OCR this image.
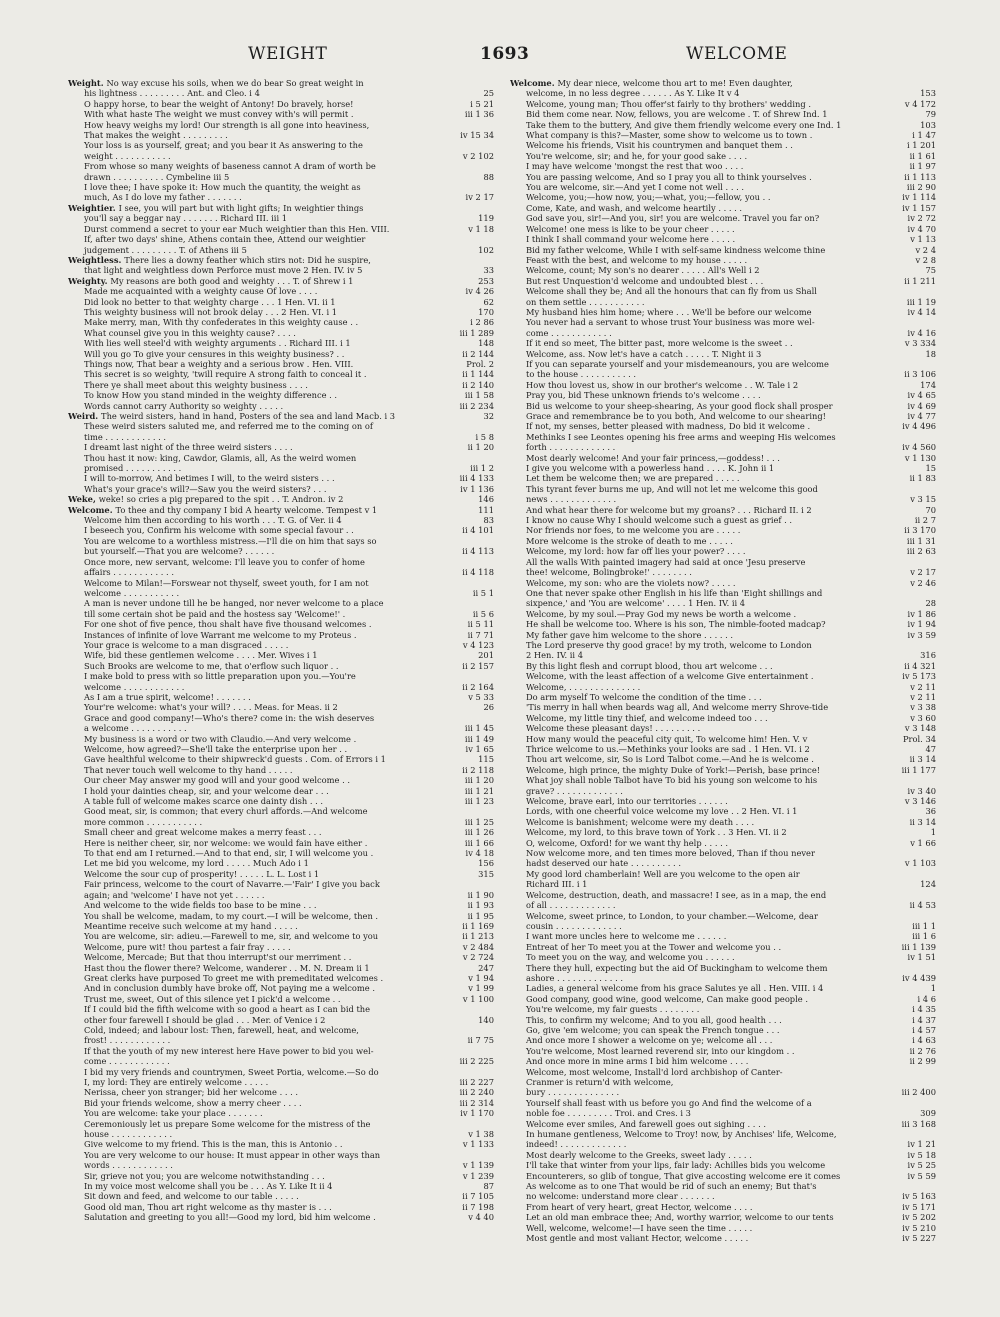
WEIGHT	1693	WELCOME
Weight. No way excuse his soils, when we do bear So great weight in
his lightness . . . . . . . . . Ant. and Cleo. i 4	25
O happy horse, to bear the weight of Antony! Do bravely, horse!	i 5 21
With what haste The weight we must convey with's will permit .	iii 1 36
How heavy weighs my lord! Our strength is all gone into heaviness,
That makes the weight . . . . . . . . .	iv 15 34
Your loss is as yourself, great; and you bear it As answering to the
weight . . . . . . . . . . .	v 2 102
From whose so many weights of baseness cannot A dram of worth be
drawn . . . . . . . . . . Cymbeline iii 5	88
I love thee; I have spoke it: How much the quantity, the weight as
much, As I do love my father . . . . . . .	iv 2 17
Weightier. I see, you will part but with light gifts; In weightier things
you'll say a beggar nay . . . . . . . Richard III. iii 1	119
Durst commend a secret to your ear Much weightier than this Hen. VIII.	v 1 18
If, after two days' shine, Athens contain thee, Attend our weightier
judgement . . . . . . . . . T. of Athens iii 5	102
Weightless. There lies a downy feather which stirs not: Did he suspire,
that light and weightless down Perforce must move 2 Hen. IV. iv 5	33
Weighty. My reasons are both good and weighty . . . T. of Shrew i 1	253
Made me acquainted with a weighty cause Of love . . . .	iv 4 26
Did look no better to that weighty charge . . . 1 Hen. VI. ii 1	62
This weighty business will not brook delay . . . 2 Hen. VI. i 1	170
Make merry, man, With thy confederates in this weighty cause . .	i 2 86
What counsel give you in this weighty cause? . . . .	iii 1 289
With lies well steel'd with weighty arguments . . Richard III. i 1	148
Will you go To give your censures in this weighty business? . .	ii 2 144
Things now, That bear a weighty and a serious brow . Hen. VIII.	Prol. 2
This secret is so weighty, 'twill require A strong faith to conceal it .	ii 1 144
There ye shall meet about this weighty business . . . .	ii 2 140
To know How you stand minded in the weighty difference . .	iii 1 58
Words cannot carry Authority so weighty . . . . .	iii 2 234
Weird. The weird sisters, hand in hand, Posters of the sea and land Macb. i 3	32
These weird sisters saluted me, and referred me to the coming on of
time . . . . . . . . . . . .	i 5 8
I dreamt last night of the three weird sisters . . . .	ii 1 20
Thou hast it now: king, Cawdor, Glamis, all, As the weird women
promised . . . . . . . . . . .	iii 1 2
I will to-morrow, And betimes I will, to the weird sisters . . .	iii 4 133
What's your grace's will?—Saw you the weird sisters? . . .	iv 1 136
Weke, weke! so cries a pig prepared to the spit . . T. Andron. iv 2	146
Welcome. To thee and thy company I bid A hearty welcome. Tempest v 1	111
Welcome him then according to his worth . . . T. G. of Ver. ii 4	83
I beseech you, Confirm his welcome with some special favour . .	ii 4 101
You are welcome to a worthless mistress.—I'll die on him that says so
but yourself.—That you are welcome? . . . . . .	ii 4 113
Once more, new servant, welcome: I'll leave you to confer of home
affairs . . . . . . . . . . . .	ii 4 118
Welcome to Milan!—Forswear not thyself, sweet youth, for I am not
welcome . . . . . . . . . . .	ii 5 1
A man is never undone till he be hanged, nor never welcome to a place
till some certain shot be paid and the hostess say 'Welcome!' .	ii 5 6
For one shot of five pence, thou shalt have five thousand welcomes .	ii 5 11
Instances of infinite of love Warrant me welcome to my Proteus .	ii 7 71
Your grace is welcome to a man disgraced . . . . .	v 4 123
Wife, bid these gentlemen welcome . . . . Mer. Wives i 1	201
Such Brooks are welcome to me, that o'erflow such liquor . .	ii 2 157
I make bold to press with so little preparation upon you.—You're
welcome . . . . . . . . . . . .	ii 2 164
As I am a true spirit, welcome! . . . . . . .	v 5 33
Your're welcome: what's your will? . . . . Meas. for Meas. ii 2	26
Grace and good company!—Who's there? come in: the wish deserves
a welcome . . . . . . . . . . .	iii 1 45
My business is a word or two with Claudio.—And very welcome .	iii 1 49
Welcome, how agreed?—She'll take the enterprise upon her . .	iv 1 65
Gave healthful welcome to their shipwreck'd guests . Com. of Errors i 1	115
That never touch well welcome to thy hand . . . . .	ii 2 118
Our cheer May answer my good will and your good welcome . .	iii 1 20
I hold your dainties cheap, sir, and your welcome dear . . .	iii 1 21
A table full of welcome makes scarce one dainty dish . . .	iii 1 23
Good meat, sir, is common; that every churl affords.—And welcome
more common . . . . . . . . . . .	iii 1 25
Small cheer and great welcome makes a merry feast . . .	iii 1 26
Here is neither cheer, sir, nor welcome: we would fain have either .	iii 1 66
To that end am I returned.—And to that end, sir, I will welcome you .	iv 4 18
Let me bid you welcome, my lord . . . . . Much Ado i 1	156
Welcome the sour cup of prosperity! . . . . . L. L. Lost i 1	315
Fair princess, welcome to the court of Navarre.—'Fair' I give you back
again; and 'welcome' I have not yet . . . . . .	ii 1 90
And welcome to the wide fields too base to be mine . . .	ii 1 93
You shall be welcome, madam, to my court.—I will be welcome, then .	ii 1 95
Meantime receive such welcome at my hand . . . . .	ii 1 169
You are welcome, sir: adieu.—Farewell to me, sir, and welcome to you	ii 1 213
Welcome, pure wit! thou partest a fair fray . . . . .	v 2 484
Welcome, Mercade; But that thou interrupt'st our merriment . .	v 2 724
Hast thou the flower there? Welcome, wanderer . . M. N. Dream ii 1	247
Great clerks have purposed To greet me with premeditated welcomes .	v 1 94
And in conclusion dumbly have broke off, Not paying me a welcome .	v 1 99
Trust me, sweet, Out of this silence yet I pick'd a welcome . .	v 1 100
If I could bid the fifth welcome with so good a heart as I can bid the
other four farewell I should be glad . . . Mer. of Venice i 2	140
Cold, indeed; and labour lost: Then, farewell, heat, and welcome,
frost! . . . . . . . . . . . .	ii 7 75
If that the youth of my new interest here Have power to bid you wel-
come . . . . . . . . . . . .	iii 2 225
I bid my very friends and countrymen, Sweet Portia, welcome.—So do
I, my lord: They are entirely welcome . . . . .	iii 2 227
Nerissa, cheer yon stranger; bid her welcome . . . .	iii 2 240
Bid your friends welcome, show a merry cheer . . . .	iii 2 314
You are welcome: take your place . . . . . . .	iv 1 170
Ceremoniously let us prepare Some welcome for the mistress of the
house . . . . . . . . . . . .	v 1 38
Give welcome to my friend. This is the man, this is Antonio . .	v 1 133
You are very welcome to our house: It must appear in other ways than
words . . . . . . . . . . . .	v 1 139
Sir, grieve not you; you are welcome notwithstanding . . .	v 1 239
In my voice most welcome shall you be . . . As Y. Like It ii 4	87
Sit down and feed, and welcome to our table . . . . .	ii 7 105
Good old man, Thou art right welcome as thy master is . . .	ii 7 198
Salutation and greeting to you all!—Good my lord, bid him welcome .	v 4 40
Welcome. My dear niece, welcome thou art to me! Even daughter,
welcome, in no less degree . . . . . . As Y. Like It v 4	153
Welcome, young man; Thou offer'st fairly to thy brothers' wedding .	v 4 172
Bid them come near. Now, fellows, you are welcome . T. of Shrew Ind. 1	79
Take them to the buttery, And give them friendly welcome every one Ind. 1	103
What company is this?—Master, some show to welcome us to town .	i 1 47
Welcome his friends, Visit his countrymen and banquet them . .	i 1 201
You're welcome, sir; and he, for your good sake . . . .	ii 1 61
I may have welcome 'mongst the rest that woo . . . .	ii 1 97
You are passing welcome, And so I pray you all to think yourselves .	ii 1 113
You are welcome, sir.—And yet I come not well . . . .	iii 2 90
Welcome, you;—how now, you;—what, you;—fellow, you . .	iv 1 114
Come, Kate, and wash, and welcome heartily . . . . .	iv 1 157
God save you, sir!—And you, sir! you are welcome. Travel you far on?	iv 2 72
Welcome! one mess is like to be your cheer . . . . .	iv 4 70
I think I shall command your welcome here . . . . .	v 1 13
Bid my father welcome, While I with self-same kindness welcome thine	v 2 4
Feast with the best, and welcome to my house . . . . .	v 2 8
Welcome, count; My son's no dearer . . . . . All's Well i 2	75
But rest Unquestion'd welcome and undoubted blest . . .	ii 1 211
Welcome shall they be; And all the honours that can fly from us Shall
on them settle . . . . . . . . . . .	iii 1 19
My husband hies him home; where . . . We'll be before our welcome	iv 4 14
You never had a servant to whose trust Your business was more wel-
come . . . . . . . . . . . .	iv 4 16
If it end so meet, The bitter past, more welcome is the sweet . .	v 3 334
Welcome, ass. Now let's have a catch . . . . . T. Night ii 3	18
If you can separate yourself and your misdemeanours, you are welcome
to the house . . . . . . . . . . .	ii 3 106
How thou lovest us, show in our brother's welcome . . W. Tale i 2	174
Pray you, bid These unknown friends to's welcome . . . .	iv 4 65
Bid us welcome to your sheep-shearing, As your good flock shall prosper	iv 4 69
Grace and remembrance be to you both, And welcome to our shearing!	iv 4 77
If not, my senses, better pleased with madness, Do bid it welcome .	iv 4 496
Methinks I see Leontes opening his free arms and weeping His welcomes
forth . . . . . . . . . . . . .	iv 4 560
Most dearly welcome! And your fair princess,—goddess! . . .	v 1 130
I give you welcome with a powerless hand . . . . K. John ii 1	15
Let them be welcome then; we are prepared . . . . .	ii 1 83
This tyrant fever burns me up, And will not let me welcome this good
news . . . . . . . . . . . . .	v 3 15
And what hear there for welcome but my groans? . . . Richard II. i 2	70
I know no cause Why I should welcome such a guest as grief . .	ii 2 7
Nor friends nor foes, to me welcome you are . . . . .	ii 3 170
More welcome is the stroke of death to me . . . . .	iii 1 31
Welcome, my lord: how far off lies your power? . . . .	iii 2 63
All the walls With painted imagery had said at once 'Jesu preserve
thee! welcome, Bolingbroke!' . . . . . . . .	v 2 17
Welcome, my son: who are the violets now? . . . . .	v 2 46
One that never spake other English in his life than 'Eight shillings and
sixpence,' and 'You are welcome' . . . . 1 Hen. IV. ii 4	28
Welcome, by my soul.—Pray God my news be worth a welcome .	iv 1 86
He shall be welcome too. Where is his son, The nimble-footed madcap?	iv 1 94
My father gave him welcome to the shore . . . . . .	iv 3 59
The Lord preserve thy good grace! by my troth, welcome to London
2 Hen. IV. ii 4	316
By this light flesh and corrupt blood, thou art welcome . . .	ii 4 321
Welcome, with the least affection of a welcome Give entertainment .	iv 5 173
Welcome, . . . . . . . . . . . . . .	v 2 11
Do arm myself To welcome the condition of the time . . .	v 2 11
'Tis merry in hall when beards wag all, And welcome merry Shrove-tide	v 3 38
Welcome, my little tiny thief, and welcome indeed too . . .	v 3 60
Welcome these pleasant days! . . . . . . . . .	v 3 148
How many would the peaceful city quit, To welcome him! Hen. V. v	Prol. 34
Thrice welcome to us.—Methinks your looks are sad . 1 Hen. VI. i 2	47
Thou art welcome, sir, So is Lord Talbot come.—And he is welcome .	ii 3 14
Welcome, high prince, the mighty Duke of York!—Perish, base prince!	iii 1 177
What joy shall noble Talbot have To bid his young son welcome to his
grave? . . . . . . . . . . . . .	iv 3 40
Welcome, brave earl, into our territories . . . . . .	v 3 146
Lords, with one cheerful voice welcome my love . . 2 Hen. VI. i 1	36
Welcome is banishment; welcome were my death . . . .	ii 3 14
Welcome, my lord, to this brave town of York . . 3 Hen. VI. ii 2	1
O, welcome, Oxford! for we want thy help . . . . .	v 1 66
Now welcome more, and ten times more beloved, Than if thou never
hadst deserved our hate . . . . . . . . . .	v 1 103
My good lord chamberlain! Well are you welcome to the open air
Richard III. i 1	124
Welcome, destruction, death, and massacre! I see, as in a map, the end
of all . . . . . . . . . . . . .	ii 4 53
Welcome, sweet prince, to London, to your chamber.—Welcome, dear
cousin . . . . . . . . . . . . .	iii 1 1
I want more uncles here to welcome me . . . . . .	iii 1 6
Entreat of her To meet you at the Tower and welcome you . .	iii 1 139
To meet you on the way, and welcome you . . . . . .	iv 1 51
There they hull, expecting but the aid Of Buckingham to welcome them
ashore . . . . . . . . . . . . .	iv 4 439
Ladies, a general welcome from his grace Salutes ye all . Hen. VIII. i 4	1
Good company, good wine, good welcome, Can make good people .	i 4 6
You're welcome, my fair guests . . . . . . . .	i 4 35
This, to confirm my welcome; And to you all, good health . . .	i 4 37
Go, give 'em welcome; you can speak the French tongue . . .	i 4 57
And once more I shower a welcome on ye; welcome all . . .	i 4 63
You're welcome, Most learned reverend sir, into our kingdom . .	ii 2 76
And once more in mine arms I bid him welcome . . . .	ii 2 99
Welcome, most welcome, Install'd lord archbishop of Canter-
Cranmer is return'd with welcome,
bury . . . . . . . . . . . . . .	iii 2 400
Yourself shall feast with us before you go And find the welcome of a
noble foe . . . . . . . . . Troi. and Cres. i 3	309
Welcome ever smiles, And farewell goes out sighing . . . .	iii 3 168
In humane gentleness, Welcome to Troy! now, by Anchises' life, Welcome,
indeed! . . . . . . . . . . . . .	iv 1 21
Most dearly welcome to the Greeks, sweet lady . . . . .	iv 5 18
I'll take that winter from your lips, fair lady: Achilles bids you welcome	iv 5 25
Encounterers, so glib of tongue, That give accosting welcome ere it comes	iv 5 59
As welcome as to one That would be rid of such an enemy; But that's
no welcome: understand more clear . . . . . . .	iv 5 163
From heart of very heart, great Hector, welcome . . . .	iv 5 171
Let an old man embrace thee; And, worthy warrior, welcome to our tents	iv 5 202
Well, welcome, welcome!—I have seen the time . . . . .	iv 5 210
Most gentle and most valiant Hector, welcome . . . . .	iv 5 227
